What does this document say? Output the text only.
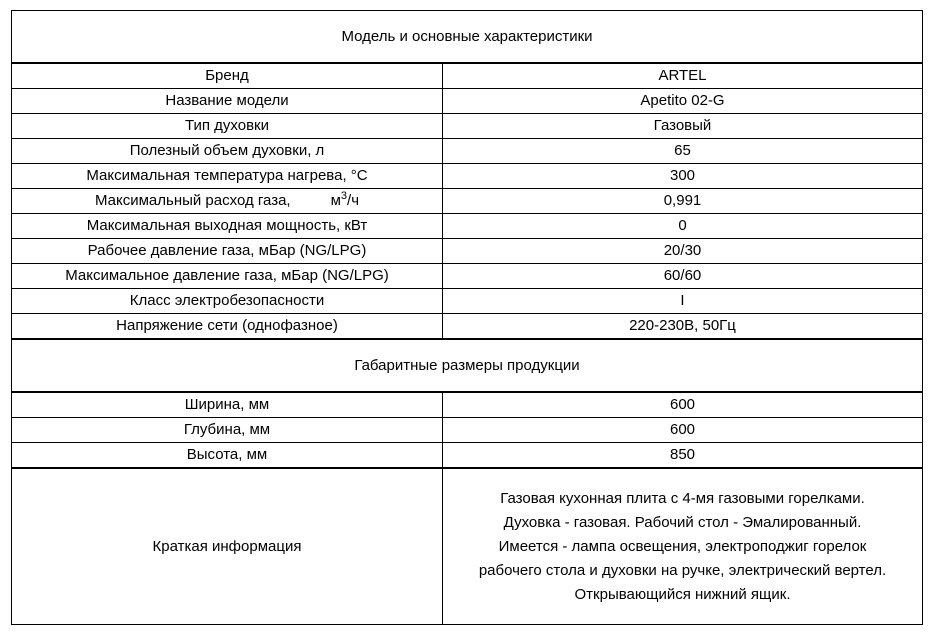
Модель и основные характеристики	
Бренд	ARTEL
Название модели	Apetito 02-G
Тип духовки	Газовый
Полезный объем духовки, л	65
Максимальная температура нагрева, °C	300
Максимальный расход газа, $м^3/ч$	0,991
Максимальная выходная мощность, кВт	0
Рабочее давление газа, мБар (NG/LPG)	20/30
Максимальное давление газа, мБар (NG/LPG)	60/60
Класс электробезопасности	I
Напряжение сети (однофазное)	220-230В, 50Гц
Габаритные размеры продукции	
Ширина, мм	600
Глубина, мм	600
Высота, мм	850
Краткая информация	Газовая кухонная плита с 4-мя газовыми горелками.
Духовка - газовая. Рабочий стол - Эмалированный.
Имеется - лампа освещения, электроподжиг горелок
рабочего стола и духовки на ручке, электрический вертел.
Открывающийся нижний ящик.
